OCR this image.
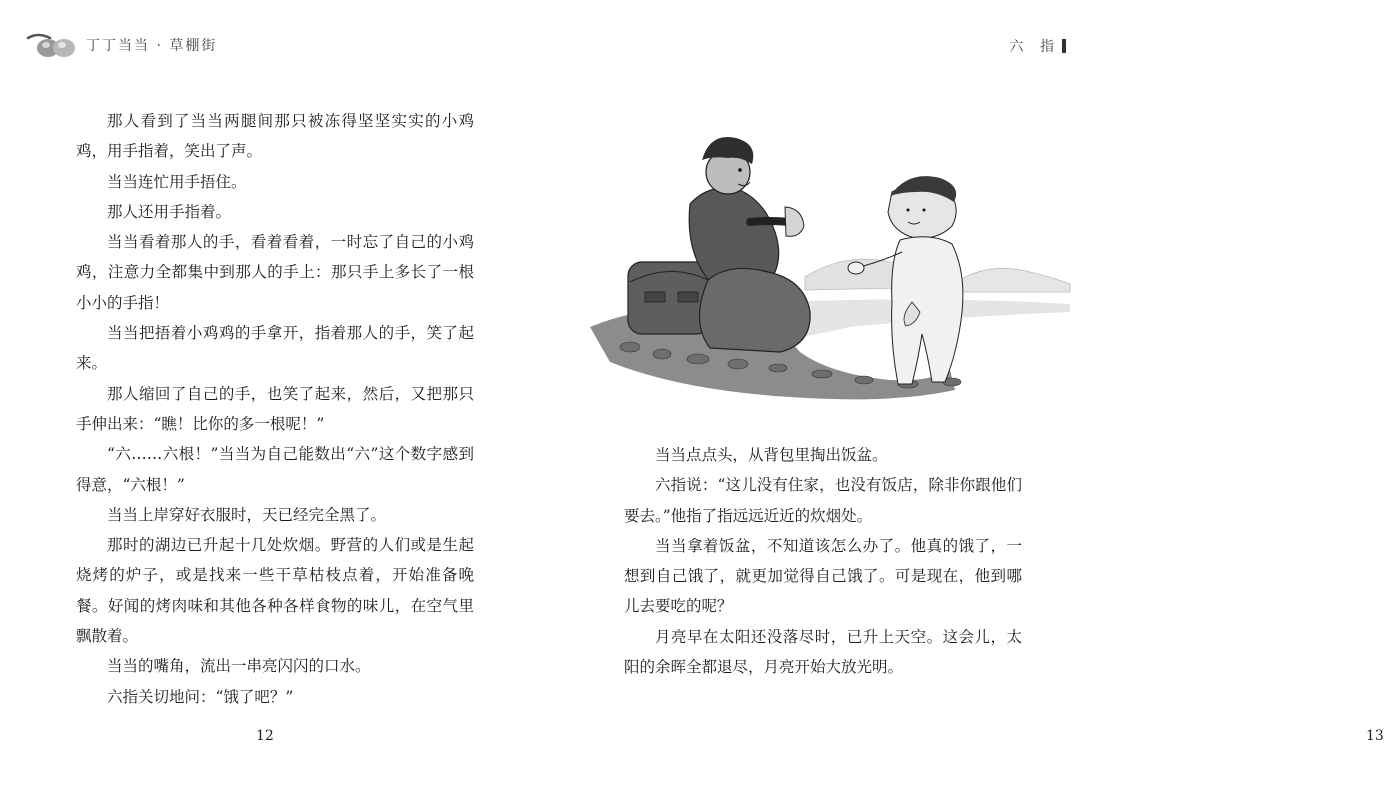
丁丁当当 · 草棚街

那人看到了当当两腿间那只被冻得坚坚实实的小鸡鸡，用手指着，笑出了声。

当当连忙用手捂住。

那人还用手指着。

当当看着那人的手，看着看着，一时忘了自己的小鸡鸡，注意力全都集中到那人的手上：那只手上多长了一根小小的手指！

当当把捂着小鸡鸡的手拿开，指着那人的手，笑了起来。

那人缩回了自己的手，也笑了起来，然后，又把那只手伸出来：“瞧！比你的多一根呢！”

“六……六根！”当当为自己能数出“六”这个数字感到得意，“六根！”

当当上岸穿好衣服时，天已经完全黑了。

那时的湖边已升起十几处炊烟。野营的人们或是生起烧烤的炉子，或是找来一些干草枯枝点着，开始准备晚餐。好闻的烤肉味和其他各种各样食物的味儿，在空气里飘散着。

当当的嘴角，流出一串亮闪闪的口水。

六指关切地问：“饿了吧？”

12
六 指
13

当当点点头，从背包里掏出饭盆。

六指说：“这儿没有住家，也没有饭店，除非你跟他们要去。”他指了指远远近近的炊烟处。

当当拿着饭盆，不知道该怎么办了。他真的饿了，一想到自己饿了，就更加觉得自己饿了。可是现在，他到哪儿去要吃的呢？

月亮早在太阳还没落尽时，已升上天空。这会儿，太阳的余晖全都退尽，月亮开始大放光明。
